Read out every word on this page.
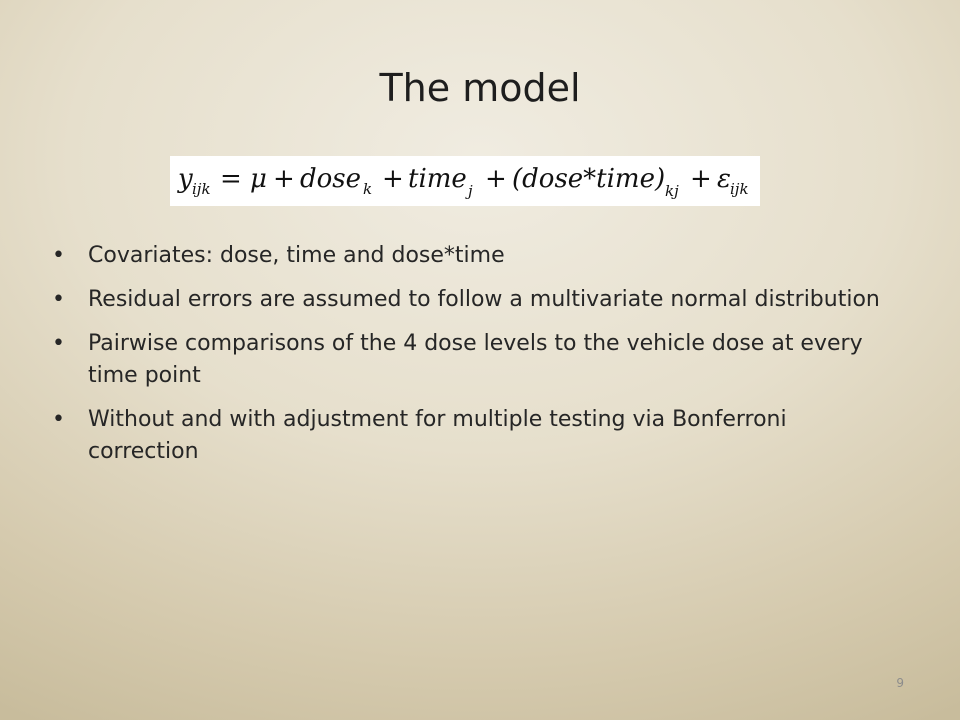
The model
y ijk = μ + dose k + time j + (dose*time) kj + ε ijk
• Covariates: dose, time and dose*time
• Residual errors are assumed to follow a multivariate normal distribution
• Pairwise comparisons of the 4 dose levels to the vehicle dose at every time point
• Without and with adjustment for multiple testing via Bonferroni correction
9
